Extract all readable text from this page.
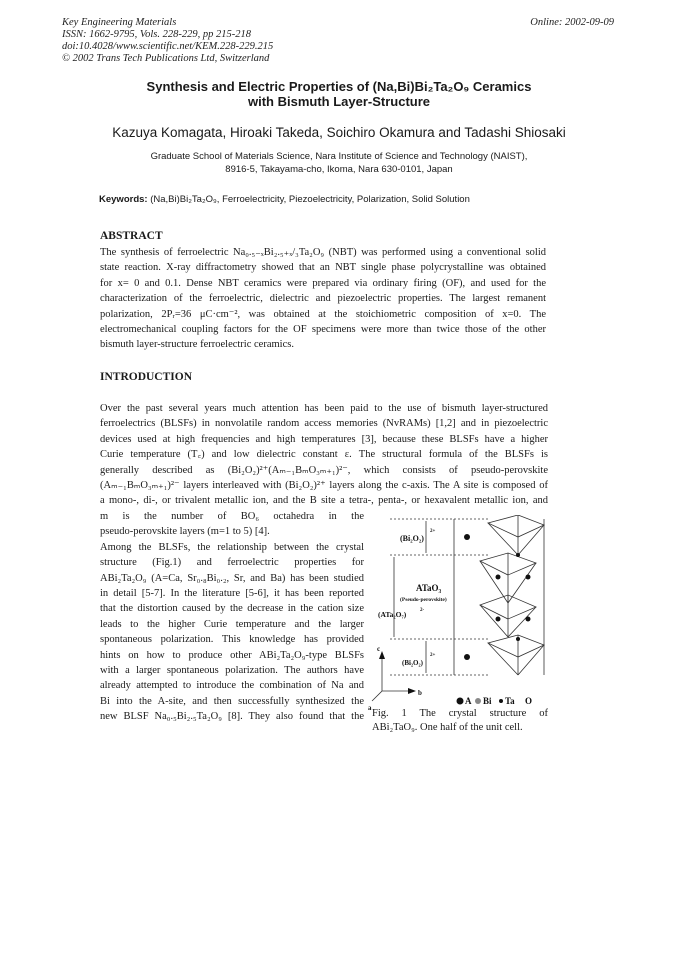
Key Engineering Materials
ISSN: 1662-9795, Vols. 228-229, pp 215-218
doi:10.4028/www.scientific.net/KEM.228-229.215
© 2002 Trans Tech Publications Ltd, Switzerland
Online: 2002-09-09
Synthesis and Electric Properties of (Na,Bi)Bi₂Ta₂O₉ Ceramics
with Bismuth Layer-Structure
Kazuya Komagata, Hiroaki Takeda, Soichiro Okamura and Tadashi Shiosaki
Graduate School of Materials Science, Nara Institute of Science and Technology (NAIST),
8916-5, Takayama-cho, Ikoma, Nara 630-0101, Japan
Keywords: (Na,Bi)Bi₂Ta₂O₉, Ferroelectricity, Piezoelectricity, Polarization, Solid Solution
ABSTRACT
The synthesis of ferroelectric Na₀.₅₋ₓBi₂.₅₊ₓ/₃Ta₂O₉ (NBT) was performed using a conventional solid
state reaction. X-ray diffractometry showed that an NBT single phase polycrystalline was obtained
for x= 0 and 0.1. Dense NBT ceramics were prepared via ordinary firing (OF), and used for the
characterization of the ferroelectric, dielectric and piezoelectric properties. The largest remanent
polarization, 2Pᵣ=36 μC·cm⁻², was obtained at the stoichiometric composition of x=0. The
electromechanical coupling factors for the OF specimens were more than twice those of the other
bismuth layer-structure ferroelectric ceramics.
INTRODUCTION
Over the past several years much attention has been paid to the use of bismuth layer-structured
ferroelectrics (BLSFs) in nonvolatile random access memories (NvRAMs) [1,2] and in piezoelectric
devices used at high frequencies and high temperatures [3], because these BLSFs have a higher
Curie temperature (T꜀) and low dielectric constant ε. The structural formula of the BLSFs is
generally described as (Bi₂O₂)²⁺(Aₘ₋₁BₘO₃ₘ₊₁)²⁻, which consists of pseudo-perovskite
(Aₘ₋₁BₘO₃ₘ₊₁)²⁻ layers interleaved with (Bi₂O₂)²⁺ layers along the c-axis. The A site is composed of
a mono-, di-, or trivalent metallic ion, and the B site a tetra-, penta-, or hexavalent metallic ion, and
m is the number of BO₆ octahedra in the
pseudo-perovskite layers (m=1 to 5) [4].
Among the BLSFs, the relationship between the crystal
structure (Fig.1) and ferroelectric properties for
ABi₂Ta₂O₉ (A=Ca, Sr₀.₈Bi₀.₂, Sr, and Ba) has been studied
in detail [5-7]. In the literature [5-6], it has been reported
that the distortion caused by the decrease in the cation size
leads to the higher Curie temperature and the larger
spontaneous polarization. This knowledge has provided
hints on how to produce other ABi₂Ta₂O₉-type BLSFs
with a larger spontaneous polarization. The authors have
already attempted to introduce the combination of Na and
Bi into the A-site, and then successfully synthesized the
new BLSF Na₀.₅Bi₂.₅Ta₂O₉ [8]. They also found that the
(Bi₂O₂)
2+
ATaO₃
(Pseudo-perovskite)
(ATa₂O₇)	2-
(Bi₂O₂)
2+
c
b
a
A Bi Ta O
Fig. 1 The crystal structure of
ABi₂TaO₉. One half of the unit cell.
